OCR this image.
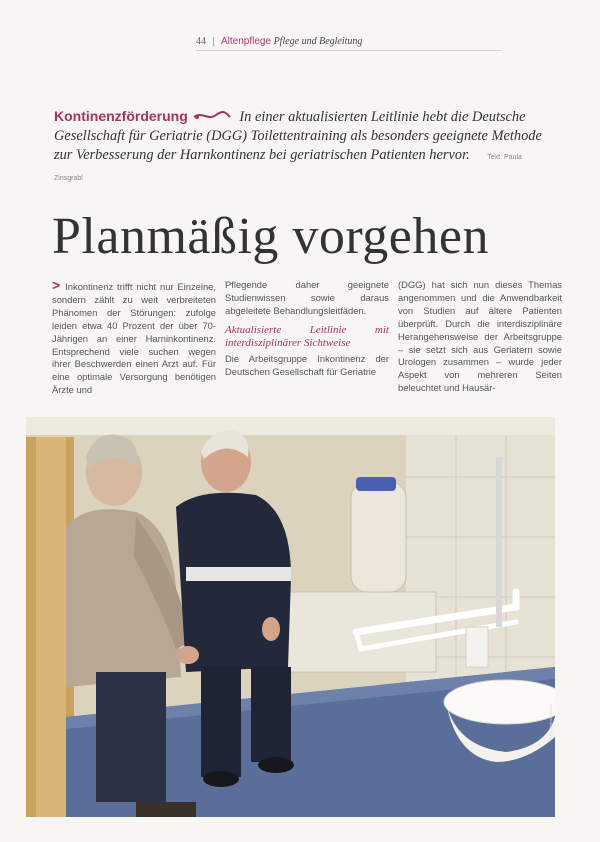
44 | Altenpflege Pflege und Begleitung
Kontinenzförderung	In einer aktualisierten Leitlinie hebt die Deutsche Gesellschaft für Geriatrie (DGG) Toilettentraining als besonders geeignete Methode zur Verbesserung der Harnkontinenz bei geriatrischen Patienten hervor.	Text: Paula Zinsgrabl
Planmäßig vorgehen
> Inkontinenz trifft nicht nur Einzelne, sondern zählt zu weit verbreiteten Phänomen der Störungen: zufolge leiden etwa 40 Prozent der über 70-Jährigen an einer Harninkontinenz. Entsprechend viele suchen wegen ihrer Beschwerden einen Arzt auf. Für eine optimale Versorgung benötigen Ärzte und
Pflegende daher geeignete Studienwissen sowie daraus abgeleitete Behandlungsleitfäden.
Aktualisierte Leitlinie mit interdisziplinärer Sichtweise
Die Arbeitsgruppe Inkontinenz der Deutschen Gesellschaft für Geriatrie
(DGG) hat sich nun dieses Themas angenommen und die Anwendbarkeit von Studien auf ältere Patienten überprüft. Durch die interdisziplinäre Herangehensweise der Arbeitsgruppe – sie setzt sich aus Geriatern sowie Urologen zusammen – wurde jeder Aspekt von mehreren Seiten beleuchtet und Hausär-
Foto: Werner Krüper
